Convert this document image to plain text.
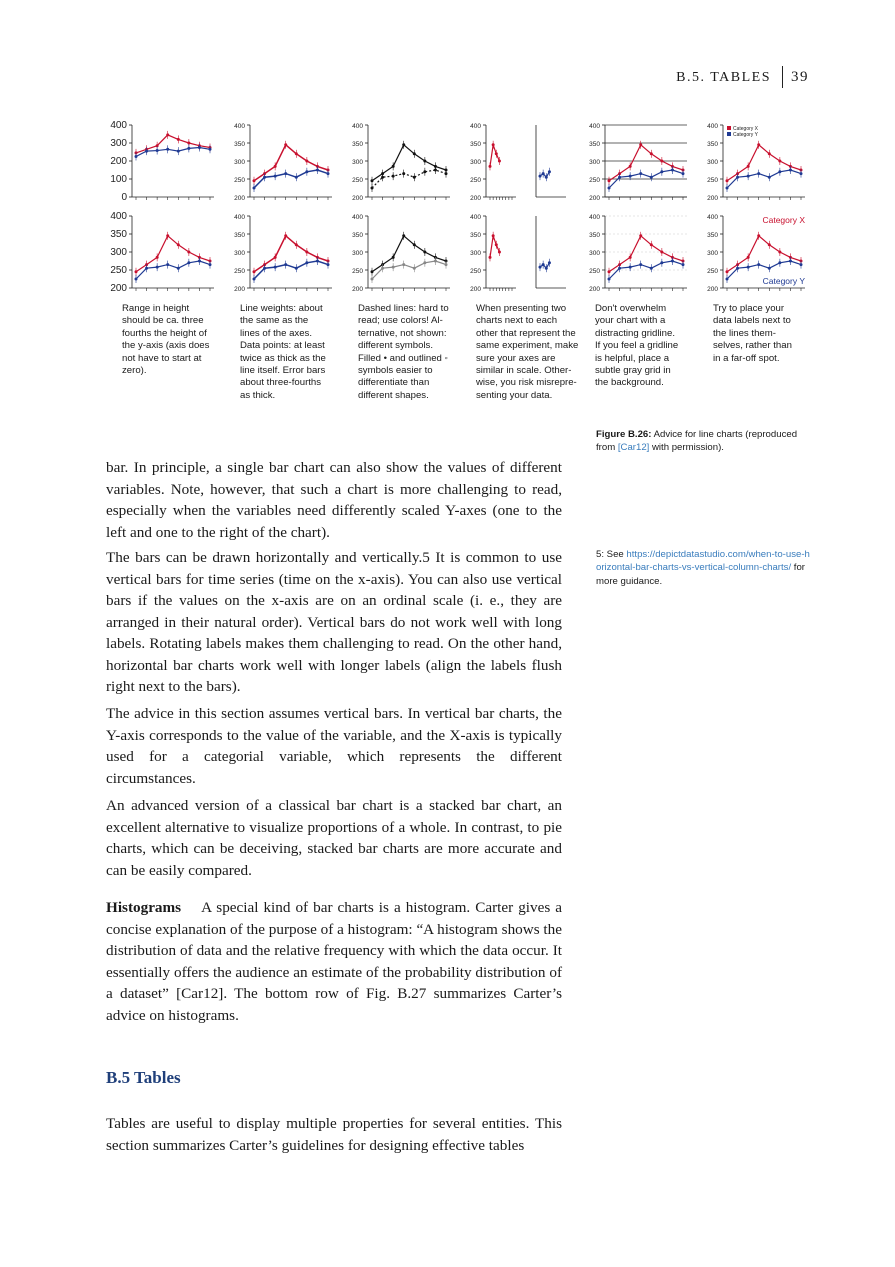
B.5. TABLES 39
0
100
200
300
400
200
250
300
350
400
200
250
300
350
400
200
250
300
350
400
200
250
300
350
400
200
250
300
350
400	Category X
Category Y
200
250
300
350
400
200
250
300
350
400
200
250
300
350
400
200
250
300
350
400
200
250
300
350
400
200
250
300
350
400	Category X
Category Y
Range in height
should be ca. three
fourths the height of
the y-axis (axis does
not have to start at
zero).
Line weights: about
the same as the
lines of the axes.
Data points: at least
twice as thick as the
line itself. Error bars
about three-fourths
as thick.
Dashed lines: hard to
read; use colors! Al-
ternative, not shown:
different symbols.
Filled • and outlined ◦
symbols easier to
differentiate than
different shapes.
When presenting two
charts next to each
other that represent the
same experiment, make
sure your axes are
similar in scale. Other-
wise, you risk misrepre-
senting your data.
Don't overwhelm
your chart with a
distracting gridline.
If you feel a gridline
is helpful, place a
subtle gray grid in
the background.
Try to place your
data labels next to
the lines them-
selves, rather than
in a far-off spot.
Figure B.26: Advice for line charts (reproduced from [Car12] with permission).
bar. In principle, a single bar chart can also show the values of different variables. Note, however, that such a chart is more challenging to read, especially when the variables need differently scaled Y-axes (one to the left and one to the right of the chart).
The bars can be drawn horizontally and vertically.5 It is common to use vertical bars for time series (time on the x-axis). You can also use vertical bars if the values on the x-axis are on an ordinal scale (i. e., they are arranged in their natural order). Vertical bars do not work well with long labels. Rotating labels makes them challenging to read. On the other hand, horizontal bar charts work well with longer labels (align the labels flush right next to the bars).
The advice in this section assumes vertical bars. In vertical bar charts, the Y-axis corresponds to the value of the variable, and the X-axis is typically used for a categorial variable, which represents the different circumstances.
An advanced version of a classical bar chart is a stacked bar chart, an excellent alternative to visualize proportions of a whole. In contrast, to pie charts, which can be deceiving, stacked bar charts are more accurate and can be easily compared.
Histograms A special kind of bar charts is a histogram. Carter gives a concise explanation of the purpose of a histogram: “A histogram shows the distribution of data and the relative frequency with which the data occur. It essentially offers the audience an estimate of the probability distribution of a dataset” [Car12]. The bottom row of Fig. B.27 summarizes Carter’s advice on histograms.
B.5 Tables
Tables are useful to display multiple properties for several entities. This section summarizes Carter’s guidelines for designing effective tables
5: See https://depictdatastudio.com/when-to-use-horizontal-bar-charts-vs-vertical-column-charts/ for more guidance.
